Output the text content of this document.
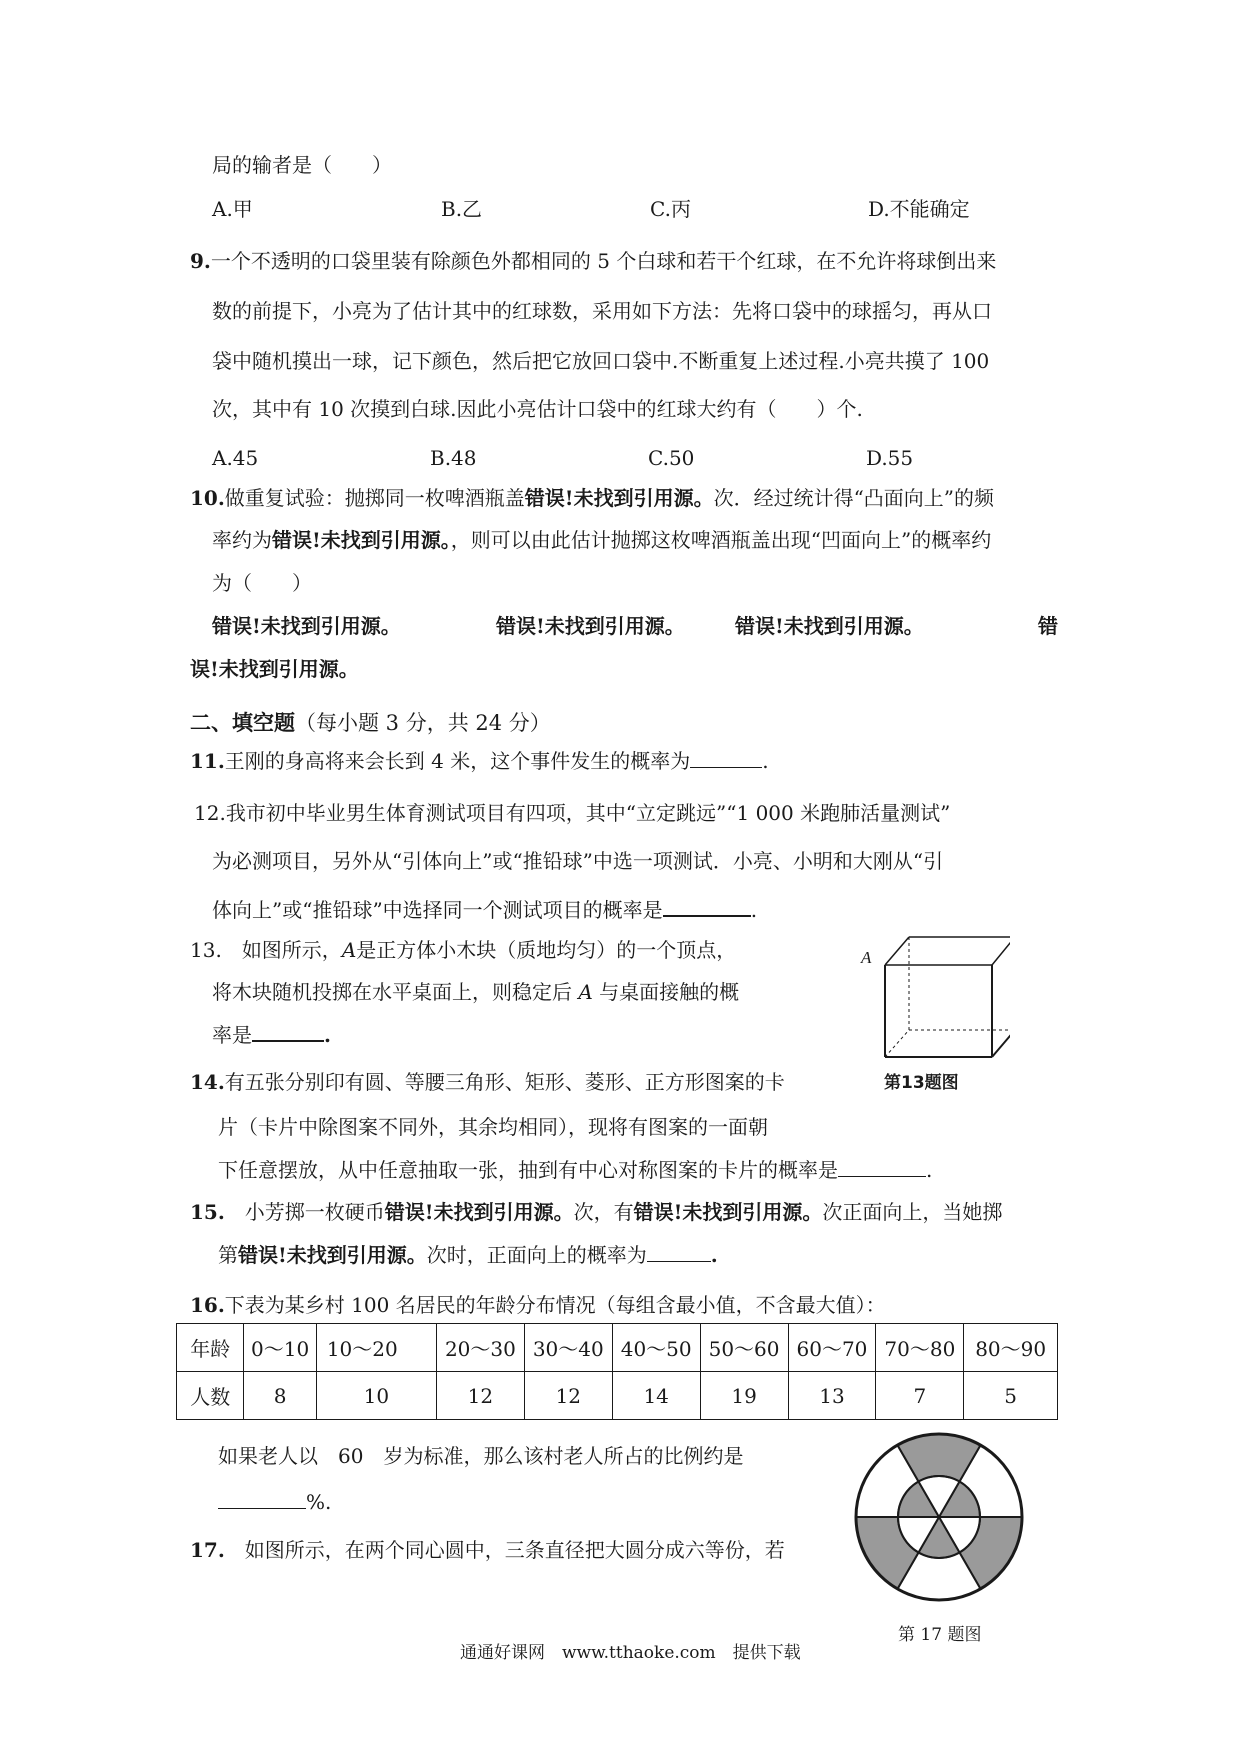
局的输者是（　　）
A.甲	B.乙	C.丙	D.不能确定
9.一个不透明的口袋里装有除颜色外都相同的 5 个白球和若干个红球，在不允许将球倒出来
数的前提下，小亮为了估计其中的红球数，采用如下方法：先将口袋中的球摇匀，再从口
袋中随机摸出一球，记下颜色，然后把它放回口袋中.不断重复上述过程.小亮共摸了 100
次，其中有 10 次摸到白球.因此小亮估计口袋中的红球大约有（　　）个.
A.45	B.48	C.50	D.55
10.做重复试验：抛掷同一枚啤酒瓶盖错误!未找到引用源。次．经过统计得“凸面向上”的频
率约为错误!未找到引用源。，则可以由此估计抛掷这枚啤酒瓶盖出现“凹面向上”的概率约
为（　　）
错误!未找到引用源。	错误!未找到引用源。	错误!未找到引用源。	错
误!未找到引用源。
二、填空题（每小题 3 分，共 24 分）
11.王刚的身高将来会长到 4 米，这个事件发生的概率为	.
12.我市初中毕业男生体育测试项目有四项，其中“立定跳远”“1 000 米跑肺活量测试”
为必测项目，另外从“引体向上”或“推铅球”中选一项测试．小亮、小明和大刚从“引
体向上”或“推铅球”中选择同一个测试项目的概率是	.
13.　 如图所示，A是正方体小木块（质地均匀）的一个顶点，
将木块随机投掷在水平桌面上，则稳定后 A 与桌面接触的概
率是	.
A
第13题图
14.有五张分别印有圆、等腰三角形、矩形、菱形、正方形图案的卡
片（卡片中除图案不同外，其余均相同），现将有图案的一面朝
下任意摆放，从中任意抽取一张，抽到有中心对称图案的卡片的概率是	.
15.　 小芳掷一枚硬币错误!未找到引用源。次，有错误!未找到引用源。次正面向上，当她掷
第错误!未找到引用源。次时，正面向上的概率为	.
16.下表为某乡村 100 名居民的年龄分布情况（每组含最小值，不含最大值）：
年龄	0～10	10～20	20～30	30～40	40～50	50～60	60～70	70～80	80～90
人数	8	10	12	12	14	19	13	7	5
如果老人以　60　岁为标准，那么该村老人所占的比例约是
%.
17.　 如图所示，在两个同心圆中，三条直径把大圆分成六等份，若
第 17 题图
通通好课网　www.tthaoke.com　提供下载
